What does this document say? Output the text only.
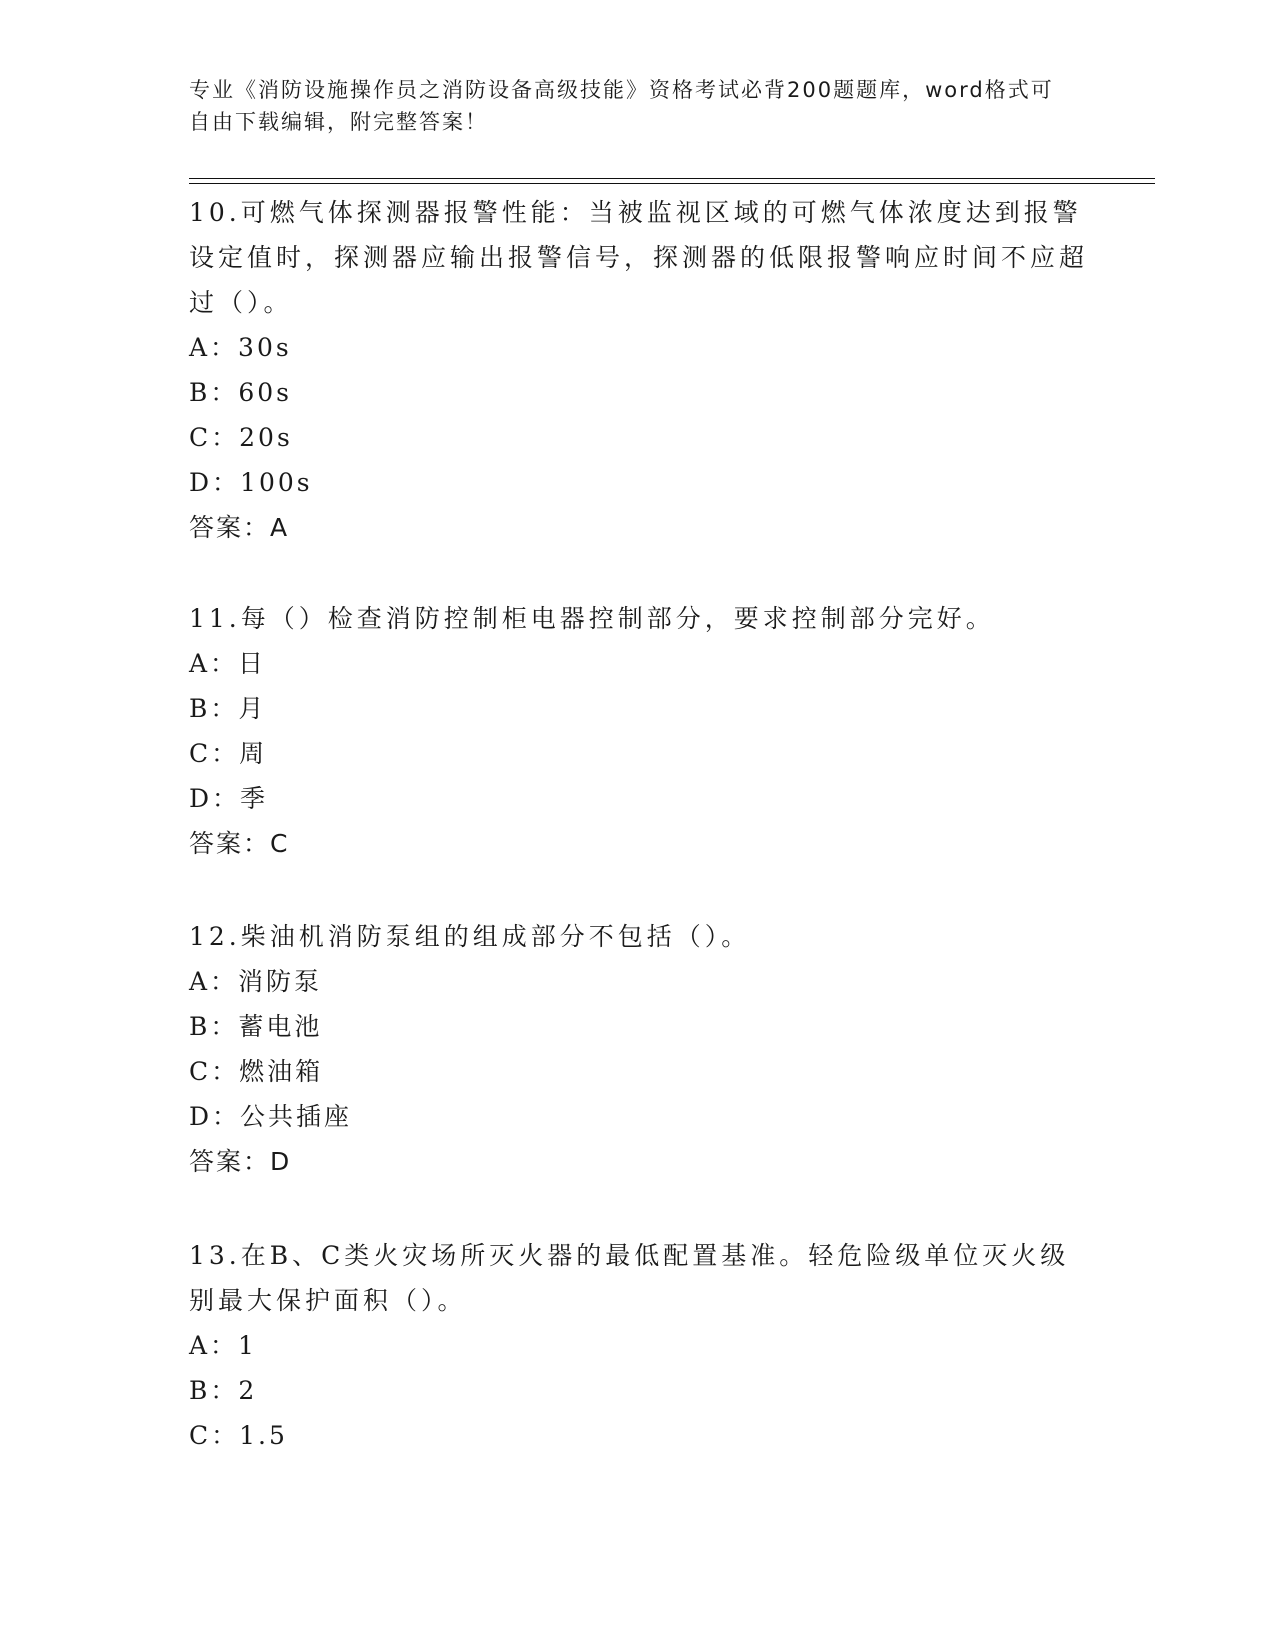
专业《消防设施操作员之消防设备高级技能》资格考试必背200题题库，word格式可自由下载编辑，附完整答案！

10.可燃气体探测器报警性能：当被监视区域的可燃气体浓度达到报警设定值时，探测器应输出报警信号，探测器的低限报警响应时间不应超过（）。

A：30s

B：60s

C：20s

D：100s

答案：A

11.每（）检查消防控制柜电器控制部分，要求控制部分完好。

A：日

B：月

C：周

D：季

答案：C

12.柴油机消防泵组的组成部分不包括（）。

A：消防泵

B：蓄电池

C：燃油箱

D：公共插座

答案：D

13.在B、C类火灾场所灭火器的最低配置基准。轻危险级单位灭火级别最大保护面积（）。

A：1

B：2

C：1.5
